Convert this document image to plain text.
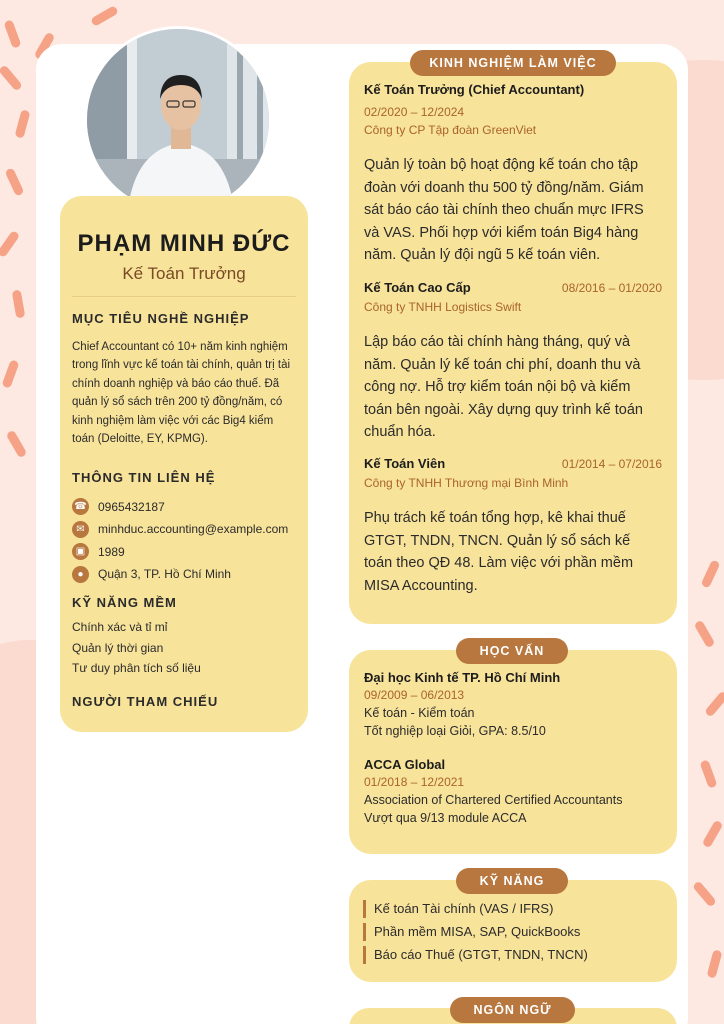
PHẠM MINH ĐỨC
Kế Toán Trưởng
MỤC TIÊU NGHỀ NGHIỆP
Chief Accountant có 10+ năm kinh nghiệm trong lĩnh vực kế toán tài chính, quản trị tài chính doanh nghiệp và báo cáo thuế. Đã quản lý sổ sách trên 200 tỷ đồng/năm, có kinh nghiệm làm việc với các Big4 kiểm toán (Deloitte, EY, KPMG).
THÔNG TIN LIÊN HỆ
☎ 0965432187
✉	minhduc.accounting@example.com
▣	1989
●	Quận 3, TP. Hồ Chí Minh
KỸ NĂNG MỀM
Chính xác và tỉ mỉ
Quản lý thời gian
Tư duy phân tích số liệu
NGƯỜI THAM CHIẾU
Kế Toán Trưởng (Chief Accountant)
02/2020 – 12/2024
Công ty CP Tập đoàn GreenViet
Quản lý toàn bộ hoạt động kế toán cho tập đoàn với doanh thu 500 tỷ đồng/năm. Giám sát báo cáo tài chính theo chuẩn mực IFRS và VAS. Phối hợp với kiểm toán Big4 hàng năm. Quản lý đội ngũ 5 kế toán viên.
Kế Toán Cao Cấp	08/2016 – 01/2020
Công ty TNHH Logistics Swift
Lập báo cáo tài chính hàng tháng, quý và năm. Quản lý kế toán chi phí, doanh thu và công nợ. Hỗ trợ kiểm toán nội bộ và kiểm toán bên ngoài. Xây dựng quy trình kế toán chuẩn hóa.
Kế Toán Viên	01/2014 – 07/2016
Công ty TNHH Thương mại Bình Minh
Phụ trách kế toán tổng hợp, kê khai thuế GTGT, TNDN, TNCN. Quản lý sổ sách kế toán theo QĐ 48. Làm việc với phần mềm MISA Accounting.
KINH NGHIỆM LÀM VIỆC
Đại học Kinh tế TP. Hồ Chí Minh
09/2009 – 06/2013
Kế toán - Kiểm toán
Tốt nghiệp loại Giỏi, GPA: 8.5/10
ACCA Global
01/2018 – 12/2021
Association of Chartered Certified Accountants
Vượt qua 9/13 module ACCA
HỌC VẤN
Kế toán Tài chính (VAS / IFRS)
Phần mềm MISA, SAP, QuickBooks
Báo cáo Thuế (GTGT, TNDN, TNCN)
KỸ NĂNG
NGÔN NGỮ
